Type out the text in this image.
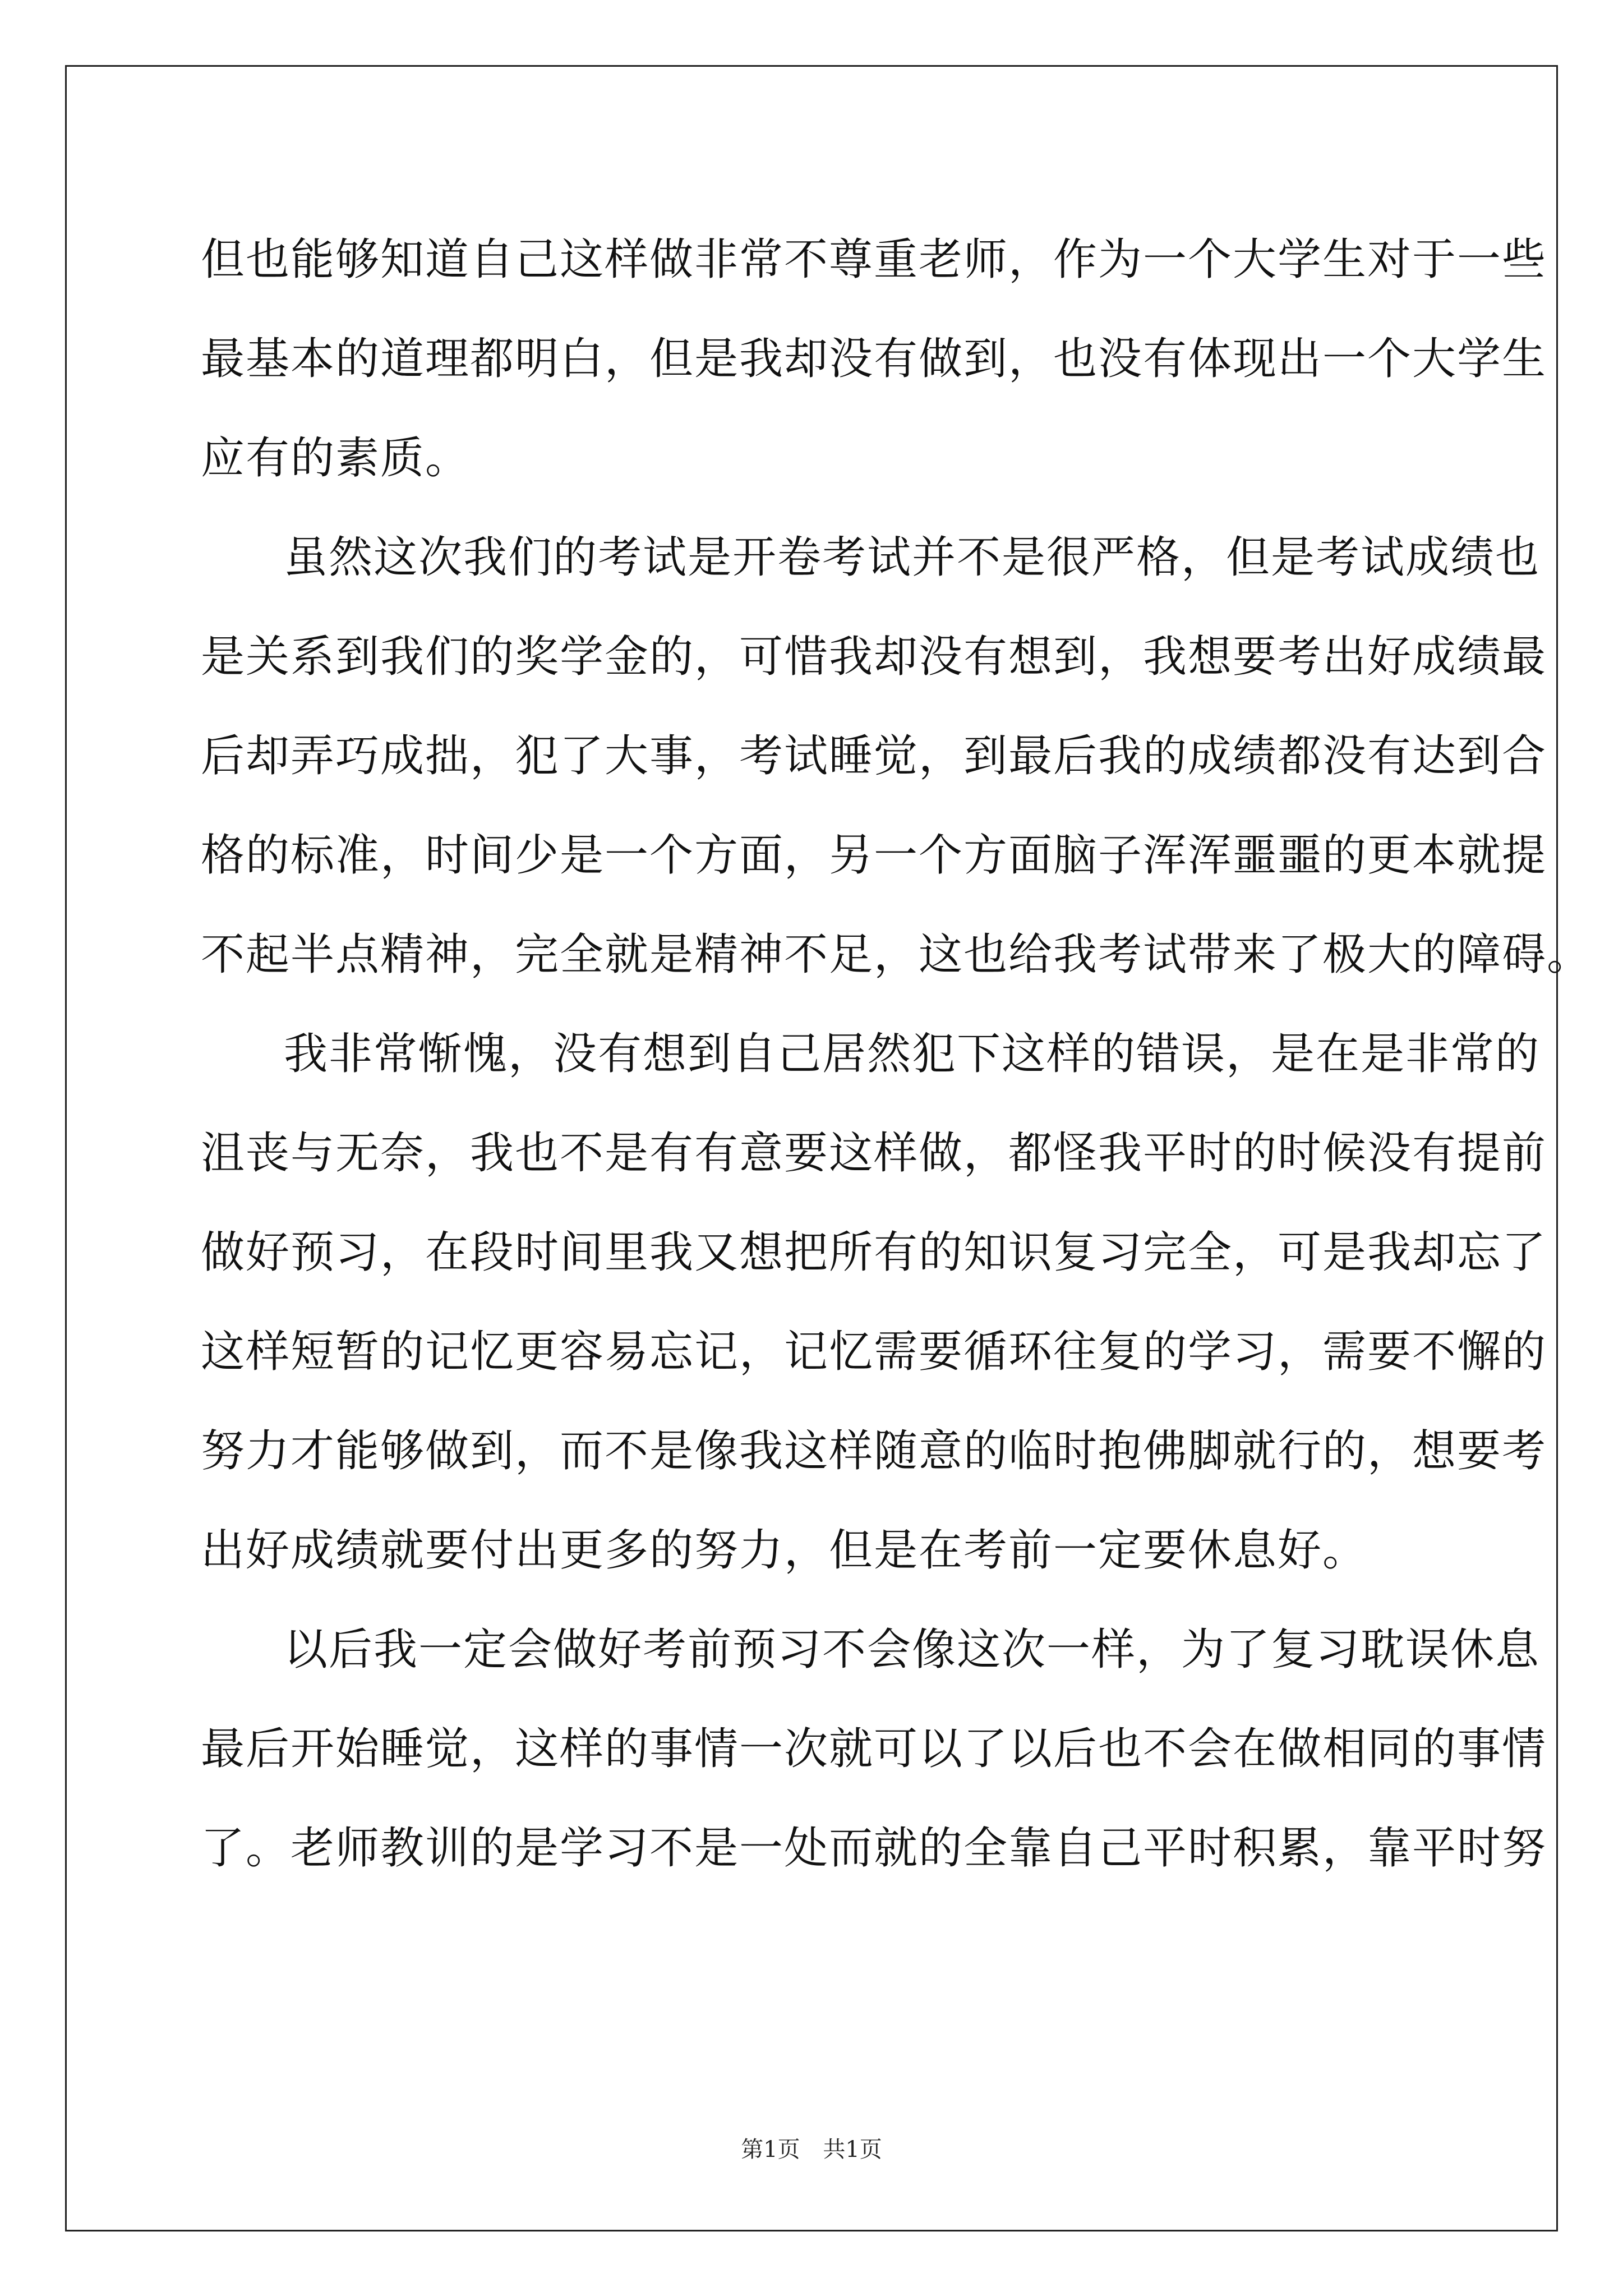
但也能够知道自己这样做非常不尊重老师，作为一个大学生对于一些
最基本的道理都明白，但是我却没有做到，也没有体现出一个大学生
应有的素质。
虽然这次我们的考试是开卷考试并不是很严格，但是考试成绩也
是关系到我们的奖学金的，可惜我却没有想到，我想要考出好成绩最
后却弄巧成拙，犯了大事，考试睡觉，到最后我的成绩都没有达到合
格的标准，时间少是一个方面，另一个方面脑子浑浑噩噩的更本就提
不起半点精神，完全就是精神不足，这也给我考试带来了极大的障碍。
我非常惭愧，没有想到自己居然犯下这样的错误，是在是非常的
沮丧与无奈，我也不是有有意要这样做，都怪我平时的时候没有提前
做好预习，在段时间里我又想把所有的知识复习完全，可是我却忘了
这样短暂的记忆更容易忘记，记忆需要循环往复的学习，需要不懈的
努力才能够做到，而不是像我这样随意的临时抱佛脚就行的，想要考
出好成绩就要付出更多的努力，但是在考前一定要休息好。
以后我一定会做好考前预习不会像这次一样，为了复习耽误休息
最后开始睡觉，这样的事情一次就可以了以后也不会在做相同的事情
了。老师教训的是学习不是一处而就的全靠自己平时积累，靠平时努
第1页 共1页
